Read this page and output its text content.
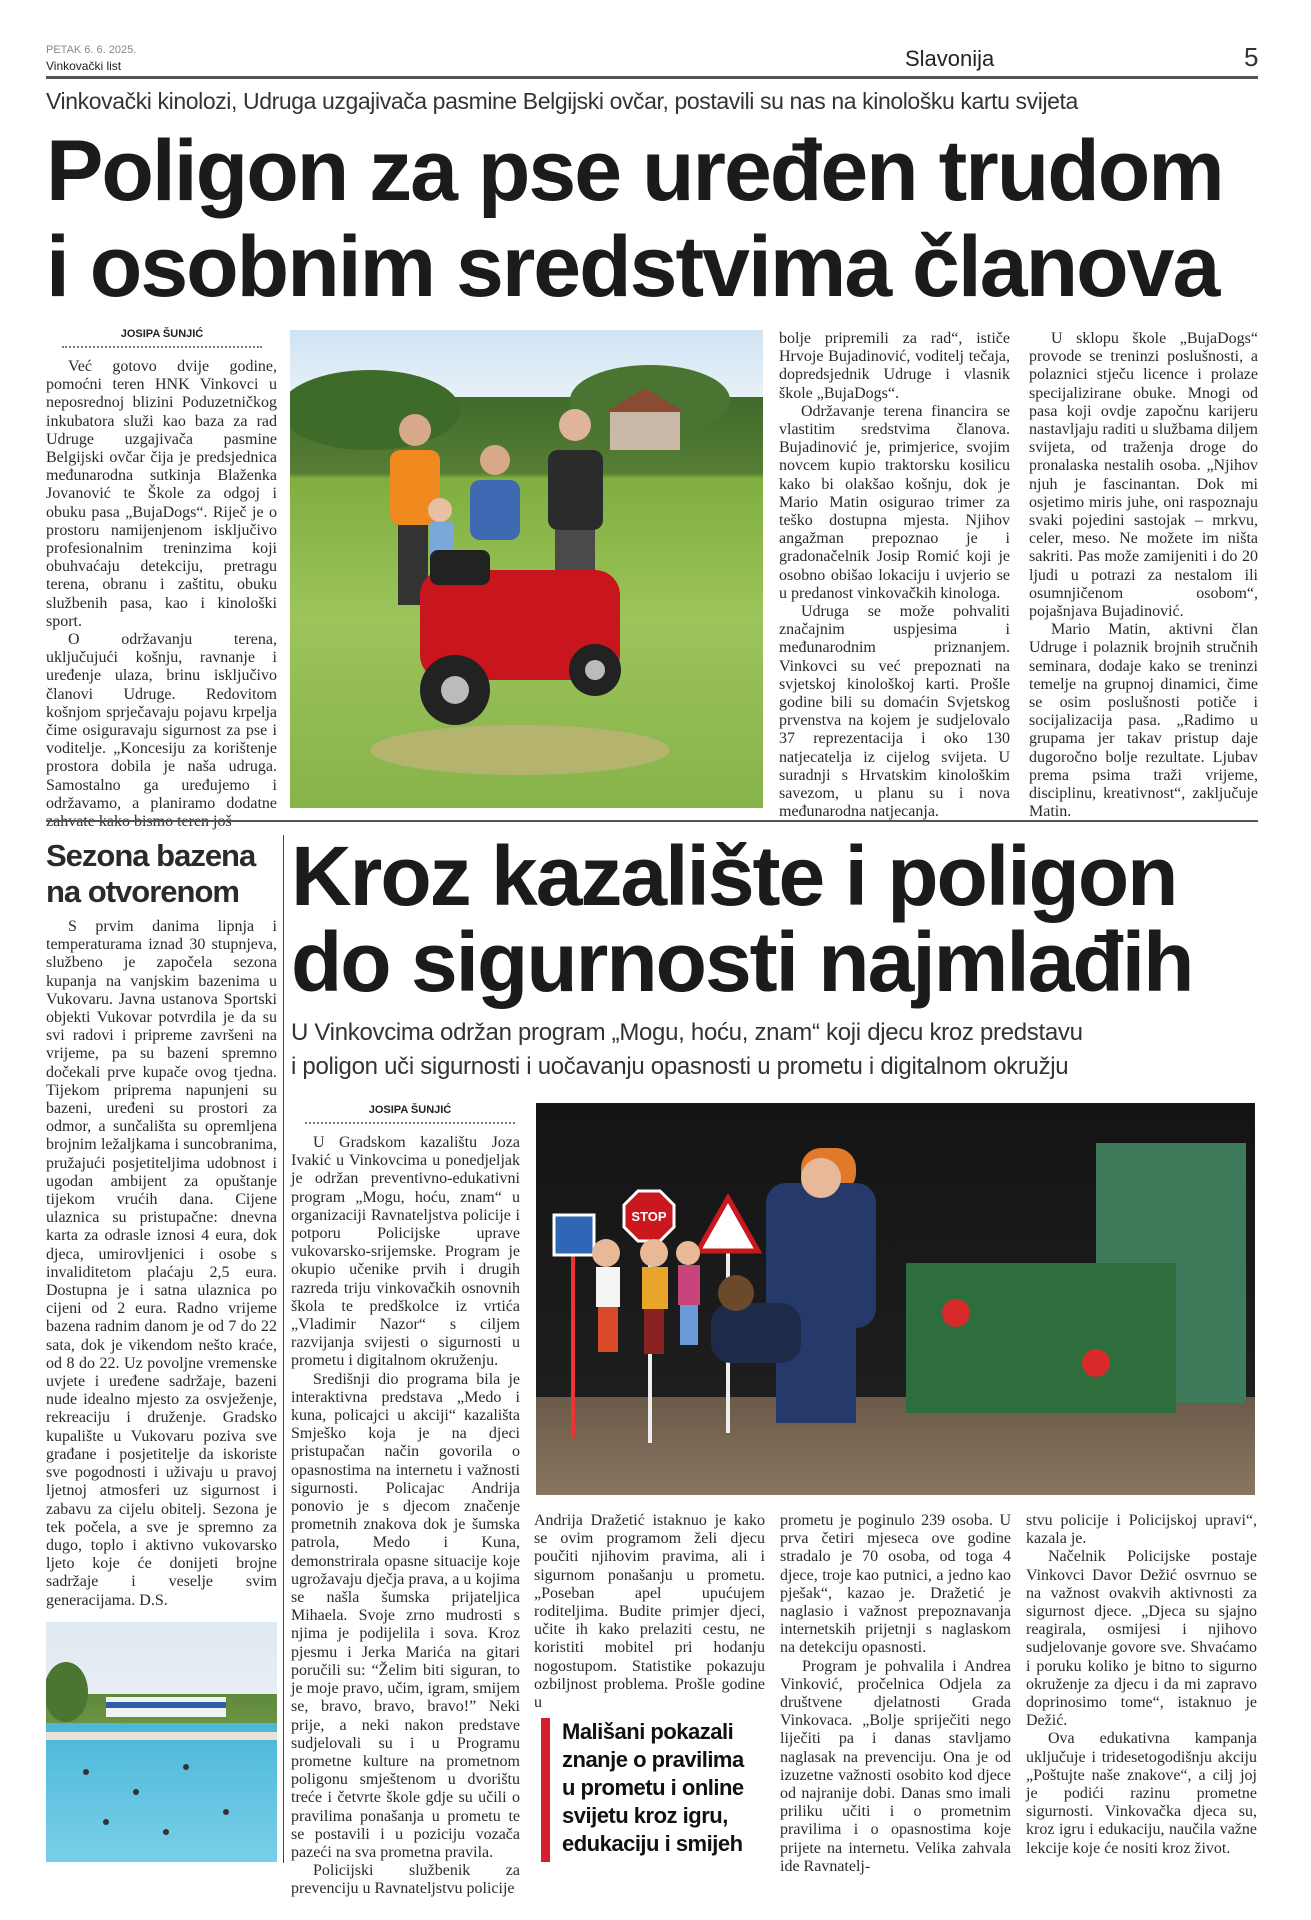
PETAK 6. 6. 2025.
Vinkovački list	Slavonija	5
Vinkovački kinolozi, Udruga uzgajivača pasmine Belgijski ovčar, postavili su nas na kinološku kartu svijeta
Poligon za pse uređen trudom
i osobnim sredstvima članova
JOSIPA ŠUNJIĆ

Već gotovo dvije godine, pomoćni teren HNK Vinkovci u neposrednoj blizini Poduzetničkog inkubatora služi kao baza za rad Udruge uzgajivača pasmine Belgijski ovčar čija je predsjednica međunarodna sutkinja Blaženka Jovanović te Škole za odgoj i obuku pasa „BujaDogs“. Riječ je o prostoru namijenjenom isključivo profesionalnim treninzima koji obuhvaćaju detekciju, pretragu terena, obranu i zaštitu, obuku službenih pasa, kao i kinološki sport.

O održavanju terena, uključujući košnju, ravnanje i uređenje ulaza, brinu isključivo članovi Udruge. Redovitom košnjom sprječavaju pojavu krpelja čime osiguravaju sigurnost za pse i voditelje. „Koncesiju za korištenje prostora dobila je naša udruga. Samostalno ga uređujemo i održavamo, a planiramo dodatne

bolje pripremili za rad“, ističe Hrvoje Bujadinović, voditelj tečaja, dopredsjednik Udruge i vlasnik škole „BujaDogs“.

Održavanje terena financira se vlastitim sredstvima članova. Bujadinović je, primjerice, svojim novcem kupio traktorsku kosilicu kako bi olakšao košnju, dok je Mario Matin osigurao trimer za teško dostupna mjesta. Njihov angažman prepoznao je i gradonačelnik Josip Romić koji je osobno obišao lokaciju i uvjerio se u predanost vinkovačkih kinologa.

Udruga se može pohvaliti značajnim uspjesima i međunarodnim priznanjem. Vinkovci su već prepoznati na svjetskoj kinološkoj karti. Prošle godine bili su domaćin Svjetskog prvenstva na kojem je sudjelovalo 37 reprezentacija i oko 130 natjecatelja iz cijelog svijeta. U suradnji s Hrvatskim kinološkim savezom, u planu su i nova međunarodna natjecanja.

U sklopu škole „BujaDogs“ provode se treninzi poslušnosti, a polaznici stječu licence i prolaze specijalizirane obuke. Mnogi od pasa koji ovdje započnu karijeru nastavljaju raditi u službama diljem svijeta, od traženja droge do pronalaska nestalih osoba. „Njihov njuh je fascinantan. Dok mi osjetimo miris juhe, oni raspoznaju svaki pojedini sastojak – mrkvu, celer, meso. Ne možete im ništa sakriti. Pas može zamijeniti i do 20 ljudi u potrazi za nestalom ili osumnjičenom osobom“, pojašnjava Bujadinović.

Mario Matin, aktivni član Udruge i polaznik brojnih stručnih seminara, dodaje kako se treninzi temelje na grupnoj dinamici, čime se osim poslušnosti potiče i socijalizacija pasa. „Radimo u grupama jer takav pristup daje dugoročno bolje rezultate. Ljubav prema psima traži vrijeme, disciplinu, kreativnost“, zaključuje Matin.

Sezona bazena
na otvorenom

S prvim danima lipnja i temperaturama iznad 30 stupnjeva, službeno je započela sezona kupanja na vanjskim bazenima u Vukovaru. Javna ustanova Sportski objekti Vukovar potvrdila je da su svi radovi i pripreme završeni na vrijeme, pa su bazeni spremno dočekali prve kupače ovog tjedna. Tijekom priprema napunjeni su bazeni, uređeni su prostori za odmor, a sunčališta su opremljena brojnim ležaljkama i suncobranima, pružajući posjetiteljima udobnost i ugodan ambijent za opuštanje tijekom vrućih dana. Cijene ulaznica su pristupačne: dnevna karta za odrasle iznosi 4 eura, dok djeca, umirovljenici i osobe s invaliditetom plaćaju 2,5 eura. Dostupna je i satna ulaznica po cijeni od 2 eura. Radno vrijeme bazena radnim danom je od 7 do 22 sata, dok je vikendom nešto kraće, od 8 do 22. Uz povoljne vremenske uvjete i uređene sadržaje, bazeni nude idealno mjesto za osvježenje, rekreaciju i druženje. Gradsko kupalište u Vukovaru poziva sve građane i posjetitelje da iskoriste sve pogodnosti i uživaju u pravoj ljetnoj atmosferi uz sigurnost i zabavu za cijelu obitelj. Sezona je tek počela, a sve je spremno za dugo, toplo i aktivno vukovarsko ljeto koje će donijeti brojne sadržaje i veselje svim generacijama. D.S.

Kroz kazalište i poligon
do sigurnosti najmlađih
U Vinkovcima održan program „Mogu, hoću, znam“ koji djecu kroz predstavu
i poligon uči sigurnosti i uočavanju opasnosti u prometu i digitalnom okružju
JOSIPA ŠUNJIĆ

U Gradskom kazalištu Joza Ivakić u Vinkovcima u ponedjeljak je održan preventivno-edukativni program „Mogu, hoću, znam“ u organizaciji Ravnateljstva policije i potporu Policijske uprave vukovarsko-srijemske. Program je okupio učenike prvih i drugih razreda triju vinkovačkih osnovnih škola te predškolce iz vrtića „Vladimir Nazor“ s ciljem razvijanja svijesti o sigurnosti u prometu i digitalnom okruženju.

Središnji dio programa bila je interaktivna predstava „Medo i kuna, policajci u akciji“ kazališta Smješko koja je na djeci pristupačan način govorila o opasnostima na internetu i važnosti sigurnosti. Policajac Andrija ponovio je s djecom značenje prometnih znakova dok je šumska patrola, Medo i Kuna, demonstrirala opasne situacije koje ugrožavaju dječja prava, a u kojima se našla šumska prijateljica Mihaela. Svoje zrno mudrosti s njima je podijelila i sova. Kroz pjesmu i Jerka Marića na gitari poručili su: “Želim biti siguran, to je moje pravo, učim, igram, smijem se, bravo, bravo, bravo!” Neki prije, a neki nakon predstave sudjelovali su i u Programu prometne kulture na prometnom poligonu smještenom u dvorištu treće i četvrte škole gdje su učili o pravilima ponašanja u prometu te se postavili i u poziciju vozača pazeći na sva prometna pravila.

Policijski službenik za prevenciju u Ravnateljstvu policije

STOP

Andrija Dražetić istaknuo je kako se ovim programom želi djecu poučiti njihovim pravima, ali i sigurnom ponašanju u prometu. „Poseban apel upućujem roditeljima. Budite primjer djeci, učite ih kako prelaziti cestu, ne koristiti mobitel pri hodanju nogostupom. Statistike pokazuju ozbiljnost problema. Prošle godine u

Mališani pokazali
znanje o pravilima
u prometu i online
svijetu kroz igru,
edukaciju i smijeh

prometu je poginulo 239 osoba. U prva četiri mjeseca ove godine stradalo je 70 osoba, od toga 4 djece, troje kao putnici, a jedno kao pješak“, kazao je. Dražetić je naglasio i važnost prepoznavanja internetskih prijetnji s naglaskom na detekciju opasnosti.

Program je pohvalila i Andrea Vinković, pročelnica Odjela za društvene djelatnosti Grada Vinkovaca. „Bolje spriječiti nego liječiti pa i danas stavljamo naglasak na prevenciju. Ona je od izuzetne važnosti osobito kod djece od najranije dobi. Danas smo imali priliku učiti i o prometnim pravilima i o opasnostima koje prijete na internetu. Velika zahvala ide Ravnatelj-

stvu policije i Policijskoj upravi“, kazala je.

Načelnik Policijske postaje Vinkovci Davor Dežić osvrnuo se na važnost ovakvih aktivnosti za sigurnost djece. „Djeca su sjajno reagirala, osmijesi i njihovo sudjelovanje govore sve. Shvaćamo i poruku koliko je bitno to sigurno okruženje za djecu i da mi zapravo doprinosimo tome“, istaknuo je Dežić.

Ova edukativna kampanja uključuje i tridesetogodišnju akciju „Poštujte naše znakove“, a cilj joj je podići razinu prometne sigurnosti. Vinkovačka djeca su, kroz igru i edukaciju, naučila važne lekcije koje će nositi kroz život.
